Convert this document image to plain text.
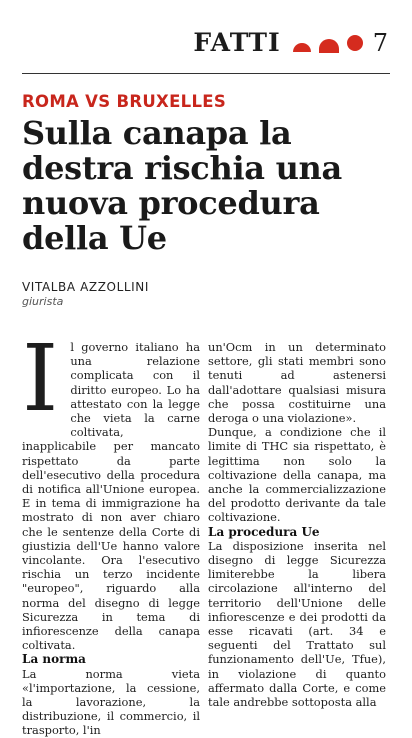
FATTI	7
ROMA VS BRUXELLES
Sulla canapa la destra rischia una nuova procedura della Ue
VITALBA AZZOLLINI
giurista
I	l governo italiano ha una relazione complicata con il diritto europeo. Lo ha attestato con la legge che vieta la carne coltivata, inapplicabile per mancato rispettato da parte dell'esecutivo della procedura di notifica all'Unione europea. E in tema di immigrazione ha mostrato di non aver chiaro che le sentenze della Corte di giustizia dell'Ue hanno valore vincolante. Ora l'esecutivo rischia un terzo incidente "europeo", riguardo alla norma del disegno di legge Sicurezza in tema di infiorescenze della canapa coltivata.

La norma

La norma vieta «l'importazione, la cessione, la lavorazione, la distribuzione, il commercio, il trasporto, l'in

un'Ocm in un determinato settore, gli stati membri sono tenuti ad astenersi dall'adottare qualsiasi misura che possa costituirne una deroga o una violazione».

Dunque, a condizione che il limite di THC sia rispettato, è legittima non solo la coltivazione della canapa, ma anche la commercializzazione del prodotto derivante da tale coltivazione.

La procedura Ue

La disposizione inserita nel disegno di legge Sicurezza limiterebbe la libera circolazione all'interno del territorio dell'Unione delle infiorescenze e dei prodotti da esse ricavati (art. 34 e seguenti del Trattato sul funzionamento dell'Ue, Tfue), in violazione di quanto affermato dalla Corte, e come tale andrebbe sottoposta alla
